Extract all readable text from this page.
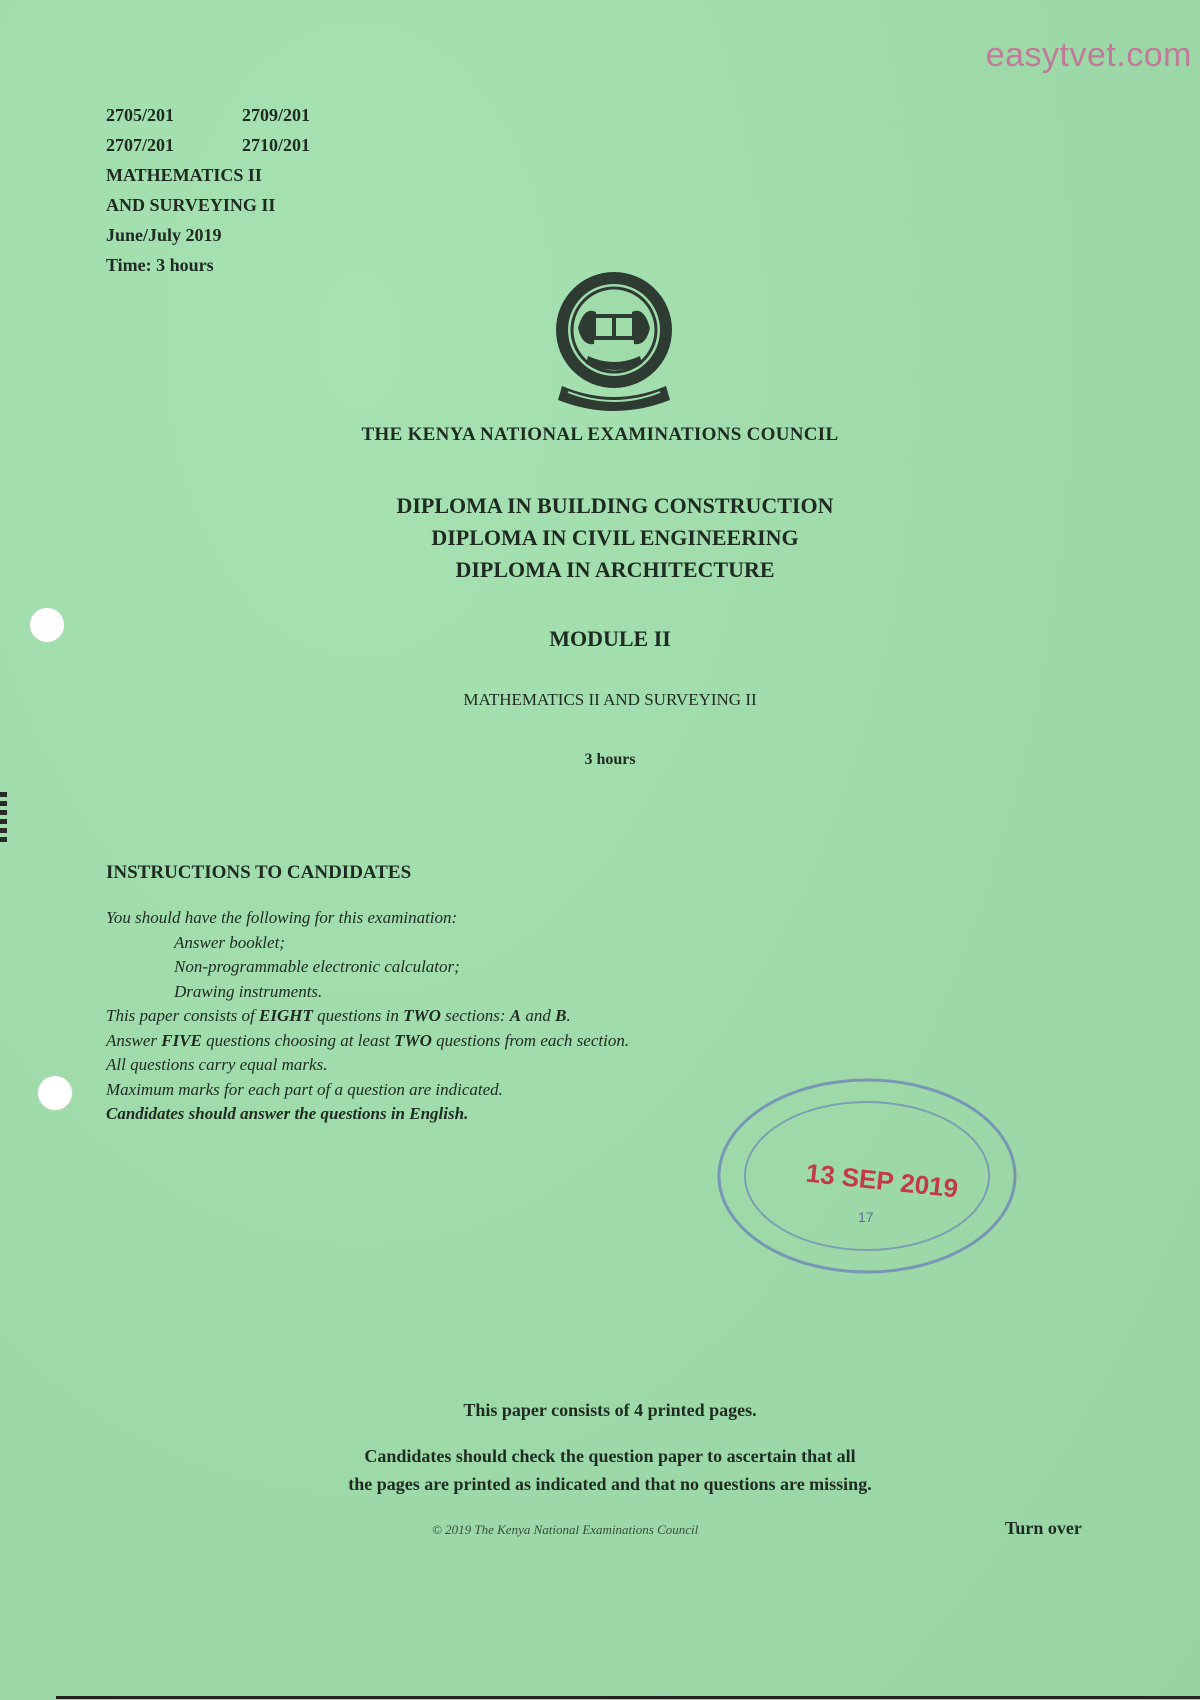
easytvet.com
2705/201	2709/201
2707/201	2710/201
MATHEMATICS II
AND SURVEYING II
June/July 2019
Time: 3 hours
THE KENYA NATIONAL EXAMINATIONS COUNCIL
DIPLOMA IN BUILDING CONSTRUCTION
DIPLOMA IN CIVIL ENGINEERING
DIPLOMA IN ARCHITECTURE
MODULE II
MATHEMATICS II AND SURVEYING II
3 hours
INSTRUCTIONS TO CANDIDATES
You should have the following for this examination:
Answer booklet;
Non-programmable electronic calculator;
Drawing instruments.
This paper consists of EIGHT questions in TWO sections: A and B.
Answer FIVE questions choosing at least TWO questions from each section.
All questions carry equal marks.
Maximum marks for each part of a question are indicated.
Candidates should answer the questions in English.
13 SEP 2019
17
This paper consists of 4 printed pages.
Candidates should check the question paper to ascertain that all
the pages are printed as indicated and that no questions are missing.
© 2019 The Kenya National Examinations Council	Turn over
